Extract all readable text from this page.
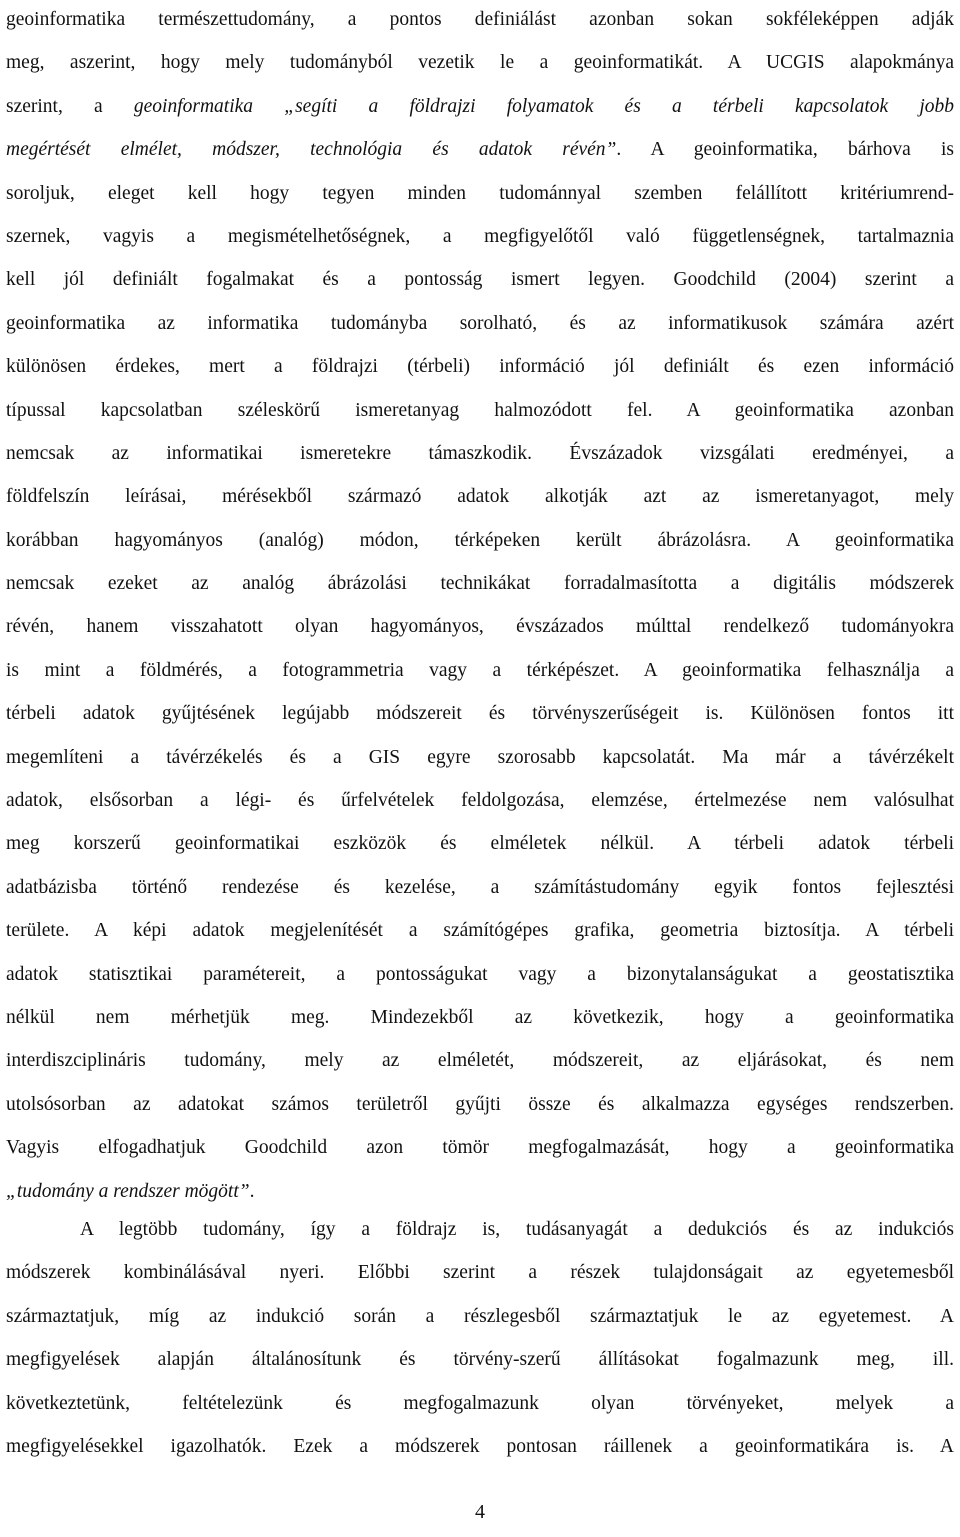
geoinformatika természettudomány, a pontos definiálást azonban sokan sokféleképpen adják
meg, aszerint, hogy mely tudományból vezetik le a geoinformatikát. A UCGIS alapokmánya
szerint, a geoinformatika „segíti a földrajzi folyamatok és a térbeli kapcsolatok jobb
megértését elmélet, módszer, technológia és adatok révén”. A geoinformatika, bárhova is
soroljuk, eleget kell hogy tegyen minden tudománnyal szemben felállított kritériumrend-
szernek, vagyis a megismételhetőségnek, a megfigyelőtől való függetlenségnek, tartalmaznia
kell jól definiált fogalmakat és a pontosság ismert legyen. Goodchild (2004) szerint a
geoinformatika az informatika tudományba sorolható, és az informatikusok számára azért
különösen érdekes, mert a földrajzi (térbeli) információ jól definiált és ezen információ
típussal kapcsolatban széleskörű ismeretanyag halmozódott fel. A geoinformatika azonban
nemcsak az informatikai ismeretekre támaszkodik. Évszázadok vizsgálati eredményei, a
földfelszín leírásai, mérésekből származó adatok alkotják azt az ismeretanyagot, mely
korábban hagyományos (analóg) módon, térképeken került ábrázolásra. A geoinformatika
nemcsak ezeket az analóg ábrázolási technikákat forradalmasította a digitális módszerek
révén, hanem visszahatott olyan hagyományos, évszázados múlttal rendelkező tudományokra
is mint a földmérés, a fotogrammetria vagy a térképészet. A geoinformatika felhasználja a
térbeli adatok gyűjtésének legújabb módszereit és törvényszerűségeit is. Különösen fontos itt
megemlíteni a távérzékelés és a GIS egyre szorosabb kapcsolatát. Ma már a távérzékelt
adatok, elsősorban a légi- és űrfelvételek feldolgozása, elemzése, értelmezése nem valósulhat
meg korszerű geoinformatikai eszközök és elméletek nélkül. A térbeli adatok térbeli
adatbázisba történő rendezése és kezelése, a számítástudomány egyik fontos fejlesztési
területe. A képi adatok megjelenítését a számítógépes grafika, geometria biztosítja. A térbeli
adatok statisztikai paramétereit, a pontosságukat vagy a bizonytalanságukat a geostatisztika
nélkül nem mérhetjük meg. Mindezekből az következik, hogy a geoinformatika
interdiszciplináris tudomány, mely az elméletét, módszereit, az eljárásokat, és nem
utolsósorban az adatokat számos területről gyűjti össze és alkalmazza egységes rendszerben.
Vagyis elfogadhatjuk Goodchild azon tömör megfogalmazását, hogy a geoinformatika
„tudomány a rendszer mögött”.
A legtöbb tudomány, így a földrajz is, tudásanyagát a dedukciós és az indukciós
módszerek kombinálásával nyeri. Előbbi szerint a részek tulajdonságait az egyetemesből
származtatjuk, míg az indukció során a részlegesből származtatjuk le az egyetemest. A
megfigyelések alapján általánosítunk és törvény-szerű állításokat fogalmazunk meg, ill.
következtetünk, feltételezünk és megfogalmazunk olyan törvényeket, melyek a
megfigyelésekkel igazolhatók. Ezek a módszerek pontosan ráillenek a geoinformatikára is. A
4
